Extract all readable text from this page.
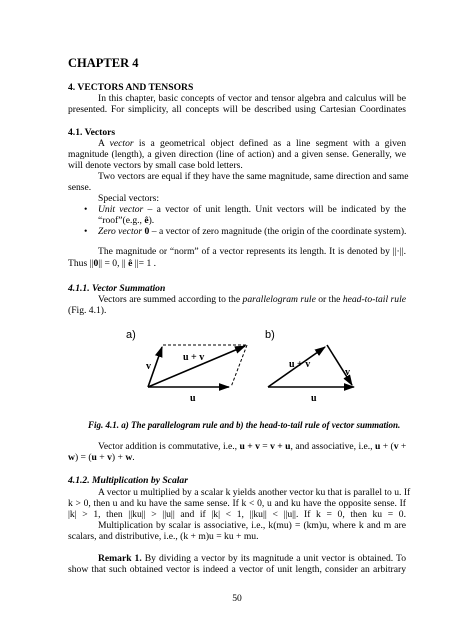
CHAPTER 4
4. VECTORS AND TENSORS
In this chapter, basic concepts of vector and tensor algebra and calculus will be
presented. For simplicity, all concepts will be described using Cartesian Coordinates
4.1. Vectors
A vector is a geometrical object defined as a line segment with a given
magnitude (length), a given direction (line of action) and a given sense. Generally, we
will denote vectors by small case bold letters.
Two vectors are equal if they have the same magnitude, same direction and same
sense.
Special vectors:
• Unit vector – a vector of unit length. Unit vectors will be indicated by the
“roof”(e.g., ê).
• Zero vector 0 – a vector of zero magnitude (the origin of the coordinate system).
The magnitude or “norm” of a vector represents its length. It is denoted by ||·||.
Thus ||0|| = 0, || ê ||= 1 .
4.1.1. Vector Summation
Vectors are summed according to the parallelogram rule or the head-to-tail rule
(Fig. 4.1).
a)	b)
v
u + v
u
u + v
v
u
Fig. 4.1. a) The parallelogram rule and b) the head-to-tail rule of vector summation.
Vector addition is commutative, i.e., u + v = v + u, and associative, i.e., u + (v +
w) = (u + v) + w.
4.1.2. Multiplication by Scalar
A vector u multiplied by a scalar k yields another vector ku that is parallel to u. If
k > 0, then u and ku have the same sense. If k < 0, u and ku have the opposite sense. If
|k| > 1, then ||ku|| > ||u|| and if |k| < 1, ||ku|| < ||u||. If k = 0, then ku = 0.
Multiplication by scalar is associative, i.e., k(mu) = (km)u, where k and m are
scalars, and distributive, i.e., (k + m)u = ku + mu.
Remark 1. By dividing a vector by its magnitude a unit vector is obtained. To
show that such obtained vector is indeed a vector of unit length, consider an arbitrary
50
